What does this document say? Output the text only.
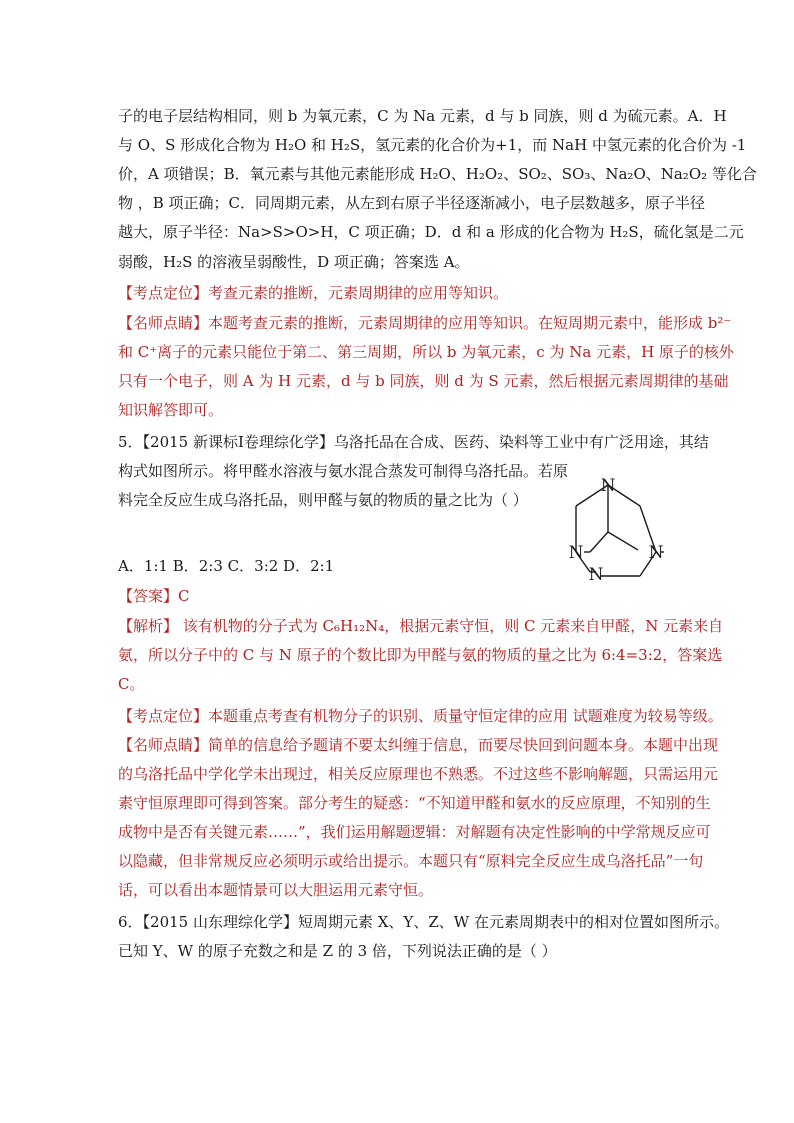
子的电子层结构相同，则 b 为氧元素，C 为 Na 元素，d 与 b 同族，则 d 为硫元素。A．H
与 O、S 形成化合物为 H₂O 和 H₂S，氢元素的化合价为+1，而 NaH 中氢元素的化合价为 -1
价，A 项错误；B．氧元素与其他元素能形成 H₂O、H₂O₂、SO₂、SO₃、Na₂O、Na₂O₂ 等化合
物 ，B 项正确；C．同周期元素，从左到右原子半径逐渐减小，电子层数越多，原子半径
越大，原子半径：Na>S>O>H，C 项正确；D．d 和 a 形成的化合物为 H₂S，硫化氢是二元
弱酸，H₂S 的溶液呈弱酸性，D 项正确；答案选 A。
【考点定位】考查元素的推断，元素周期律的应用等知识。
【名师点睛】本题考查元素的推断，元素周期律的应用等知识。在短周期元素中，能形成 b²⁻
和 C⁺离子的元素只能位于第二、第三周期，所以 b 为氧元素，c 为 Na 元素，H 原子的核外
只有一个电子，则 A 为 H 元素，d 与 b 同族，则 d 为 S 元素，然后根据元素周期律的基础
知识解答即可。
5．【2015 新课标Ⅰ卷理综化学】乌洛托品在合成、医药、染料等工业中有广泛用途，其结
构式如图所示。将甲醛水溶液与氨水混合蒸发可制得乌洛托品。若原
料完全反应生成乌洛托品，则甲醛与氨的物质的量之比为（ ）
A．1:1 B．2:3 C．3:2 D．2:1
【答案】C
【解析】 该有机物的分子式为 C₆H₁₂N₄，根据元素守恒，则 C 元素来自甲醛，N 元素来自
氨，所以分子中的 C 与 N 原子的个数比即为甲醛与氨的物质的量之比为 6:4=3:2，答案选
C。
【考点定位】本题重点考查有机物分子的识别、质量守恒定律的应用 试题难度为较易等级。
【名师点睛】简单的信息给予题请不要太纠缠于信息，而要尽快回到问题本身。本题中出现
的乌洛托品中学化学未出现过，相关反应原理也不熟悉。不过这些不影响解题，只需运用元
素守恒原理即可得到答案。部分考生的疑惑：“不知道甲醛和氨水的反应原理，不知别的生
成物中是否有关键元素……”，我们运用解题逻辑：对解题有决定性影响的中学常规反应可
以隐藏，但非常规反应必须明示或给出提示。本题只有“原料完全反应生成乌洛托品”一句
话，可以看出本题情景可以大胆运用元素守恒。
6．【2015 山东理综化学】短周期元素 X、Y、Z、W 在元素周期表中的相对位置如图所示。
已知 Y、W 的原子充数之和是 Z 的 3 倍，下列说法正确的是（ ）
N
N	N
N
